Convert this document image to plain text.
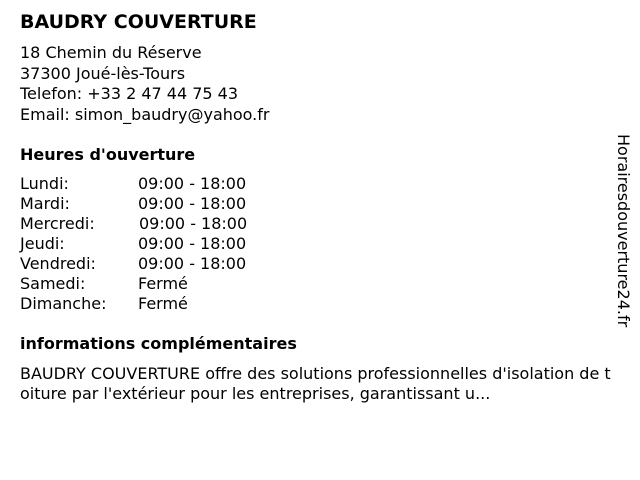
BAUDRY COUVERTURE
18 Chemin du Réserve
37300 Joué-lès-Tours
Telefon: +33 2 47 44 75 43
Email: simon_baudry@yahoo.fr
Heures d'ouverture
Lundi:	09:00 - 18:00
Mardi:	09:00 - 18:00
Mercredi:	09:00 - 18:00
Jeudi:	09:00 - 18:00
Vendredi:	09:00 - 18:00
Samedi:	Fermé
Dimanche: Fermé
informations complémentaires
BAUDRY COUVERTURE offre des solutions professionnelles d'isolation de toiture par l'extérieur pour les entreprises, garantissant u...
Horairesdouverture24.fr
